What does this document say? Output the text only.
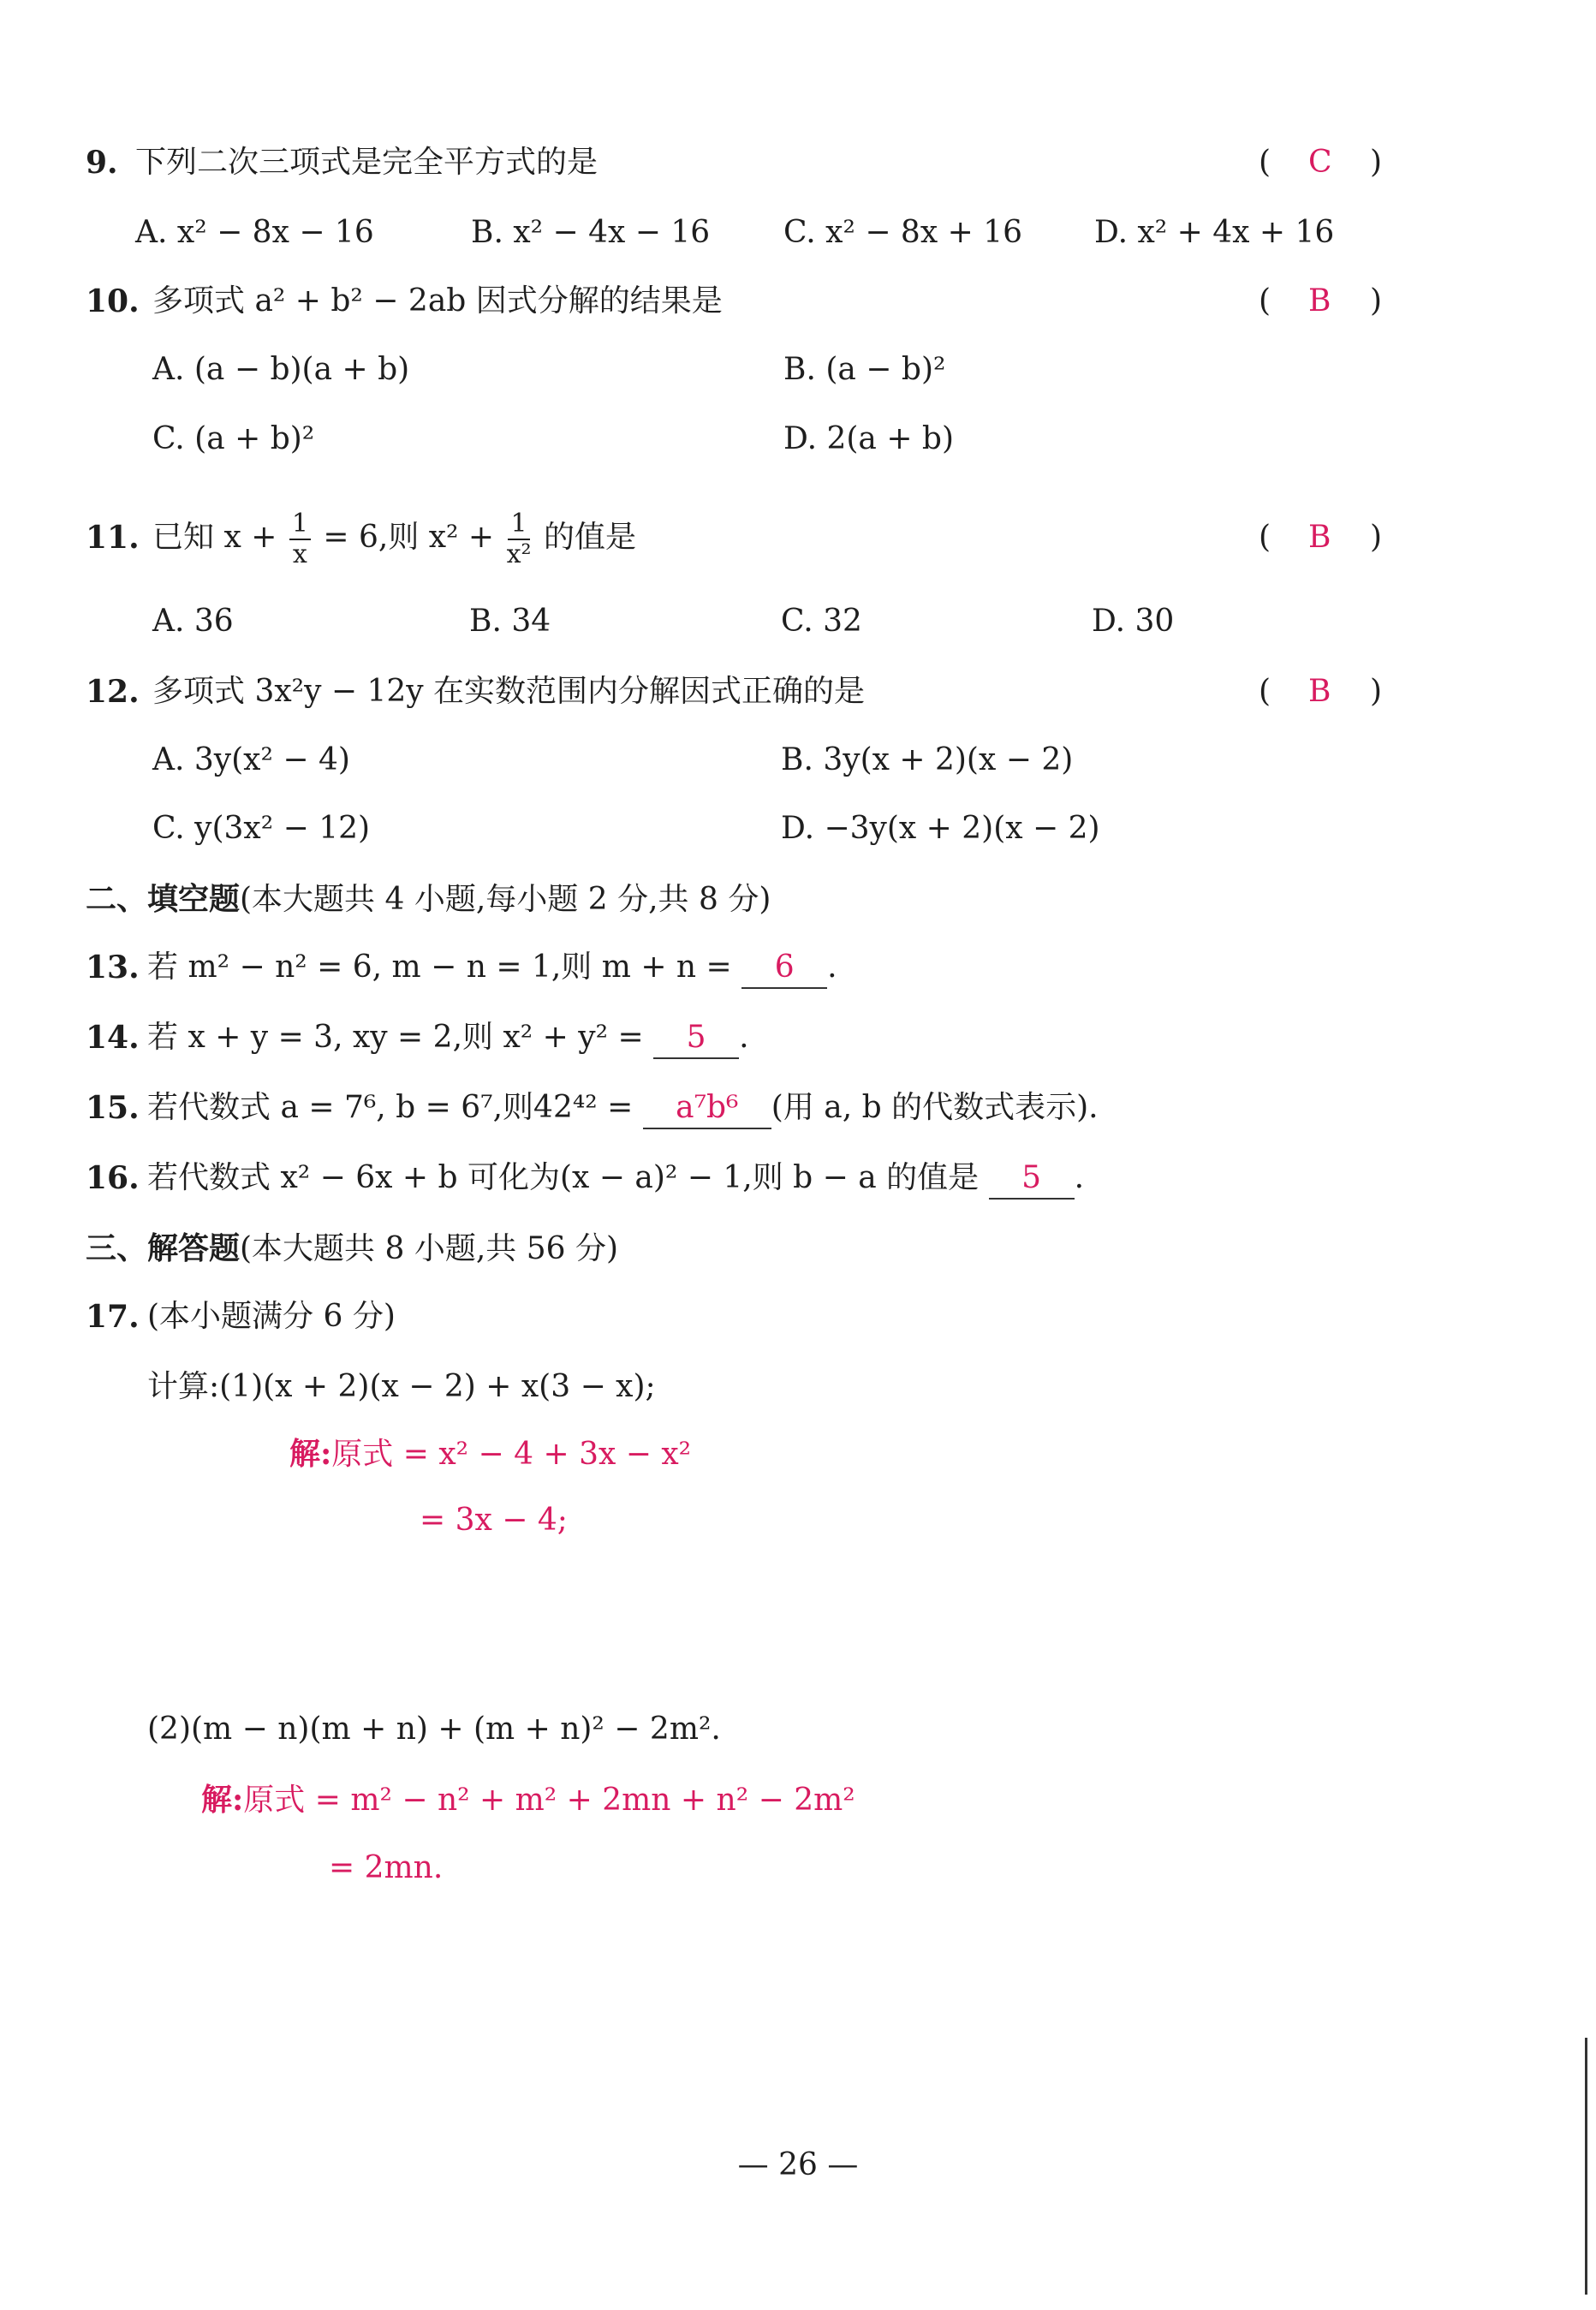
9. 下列二次三项式是完全平方式的是	( C )
A. x² − 8x − 16	B. x² − 4x − 16 C. x² − 8x + 16 D. x² + 4x + 16
10. 多项式 a² + b² − 2ab 因式分解的结果是	( B )
A. (a − b)(a + b)	B. (a − b)²
C. (a + b)²	D. 2(a + b)
11. 已知 $x + \frac{1}{x} = 6$,则 $x^2 + \frac{1}{\text{x²}}$ 的值是	( B )
A. 36	B. 34	C. 32	D. 30
12. 多项式 3x²y − 12y 在实数范围内分解因式正确的是	( B )
A. 3y(x² − 4)	B. 3y(x + 2)(x − 2)
C. y(3x² − 12)	D. −3y(x + 2)(x − 2)
二、填空题(本大题共 4 小题,每小题 2 分,共 8 分)
13. 若 m² − n² = 6, m − n = 1,则 m + n = 6 .
14. 若 x + y = 3, xy = 2,则 x² + y² = 5 .
15. 若代数式 a = 7⁶, b = 6⁷,则42⁴² = a⁷b⁶ (用 a, b 的代数式表示).
16. 若代数式 x² − 6x + b 可化为(x − a)² − 1,则 b − a 的值是 5 .
三、解答题(本大题共 8 小题,共 56 分)
17. (本小题满分 6 分)
计算:(1)(x + 2)(x − 2) + x(3 − x);
解:原式 = x² − 4 + 3x − x²
= 3x − 4;
(2)(m − n)(m + n) + (m + n)² − 2m².
解:原式 = m² − n² + m² + 2mn + n² − 2m²
= 2mn.
— 26 —
